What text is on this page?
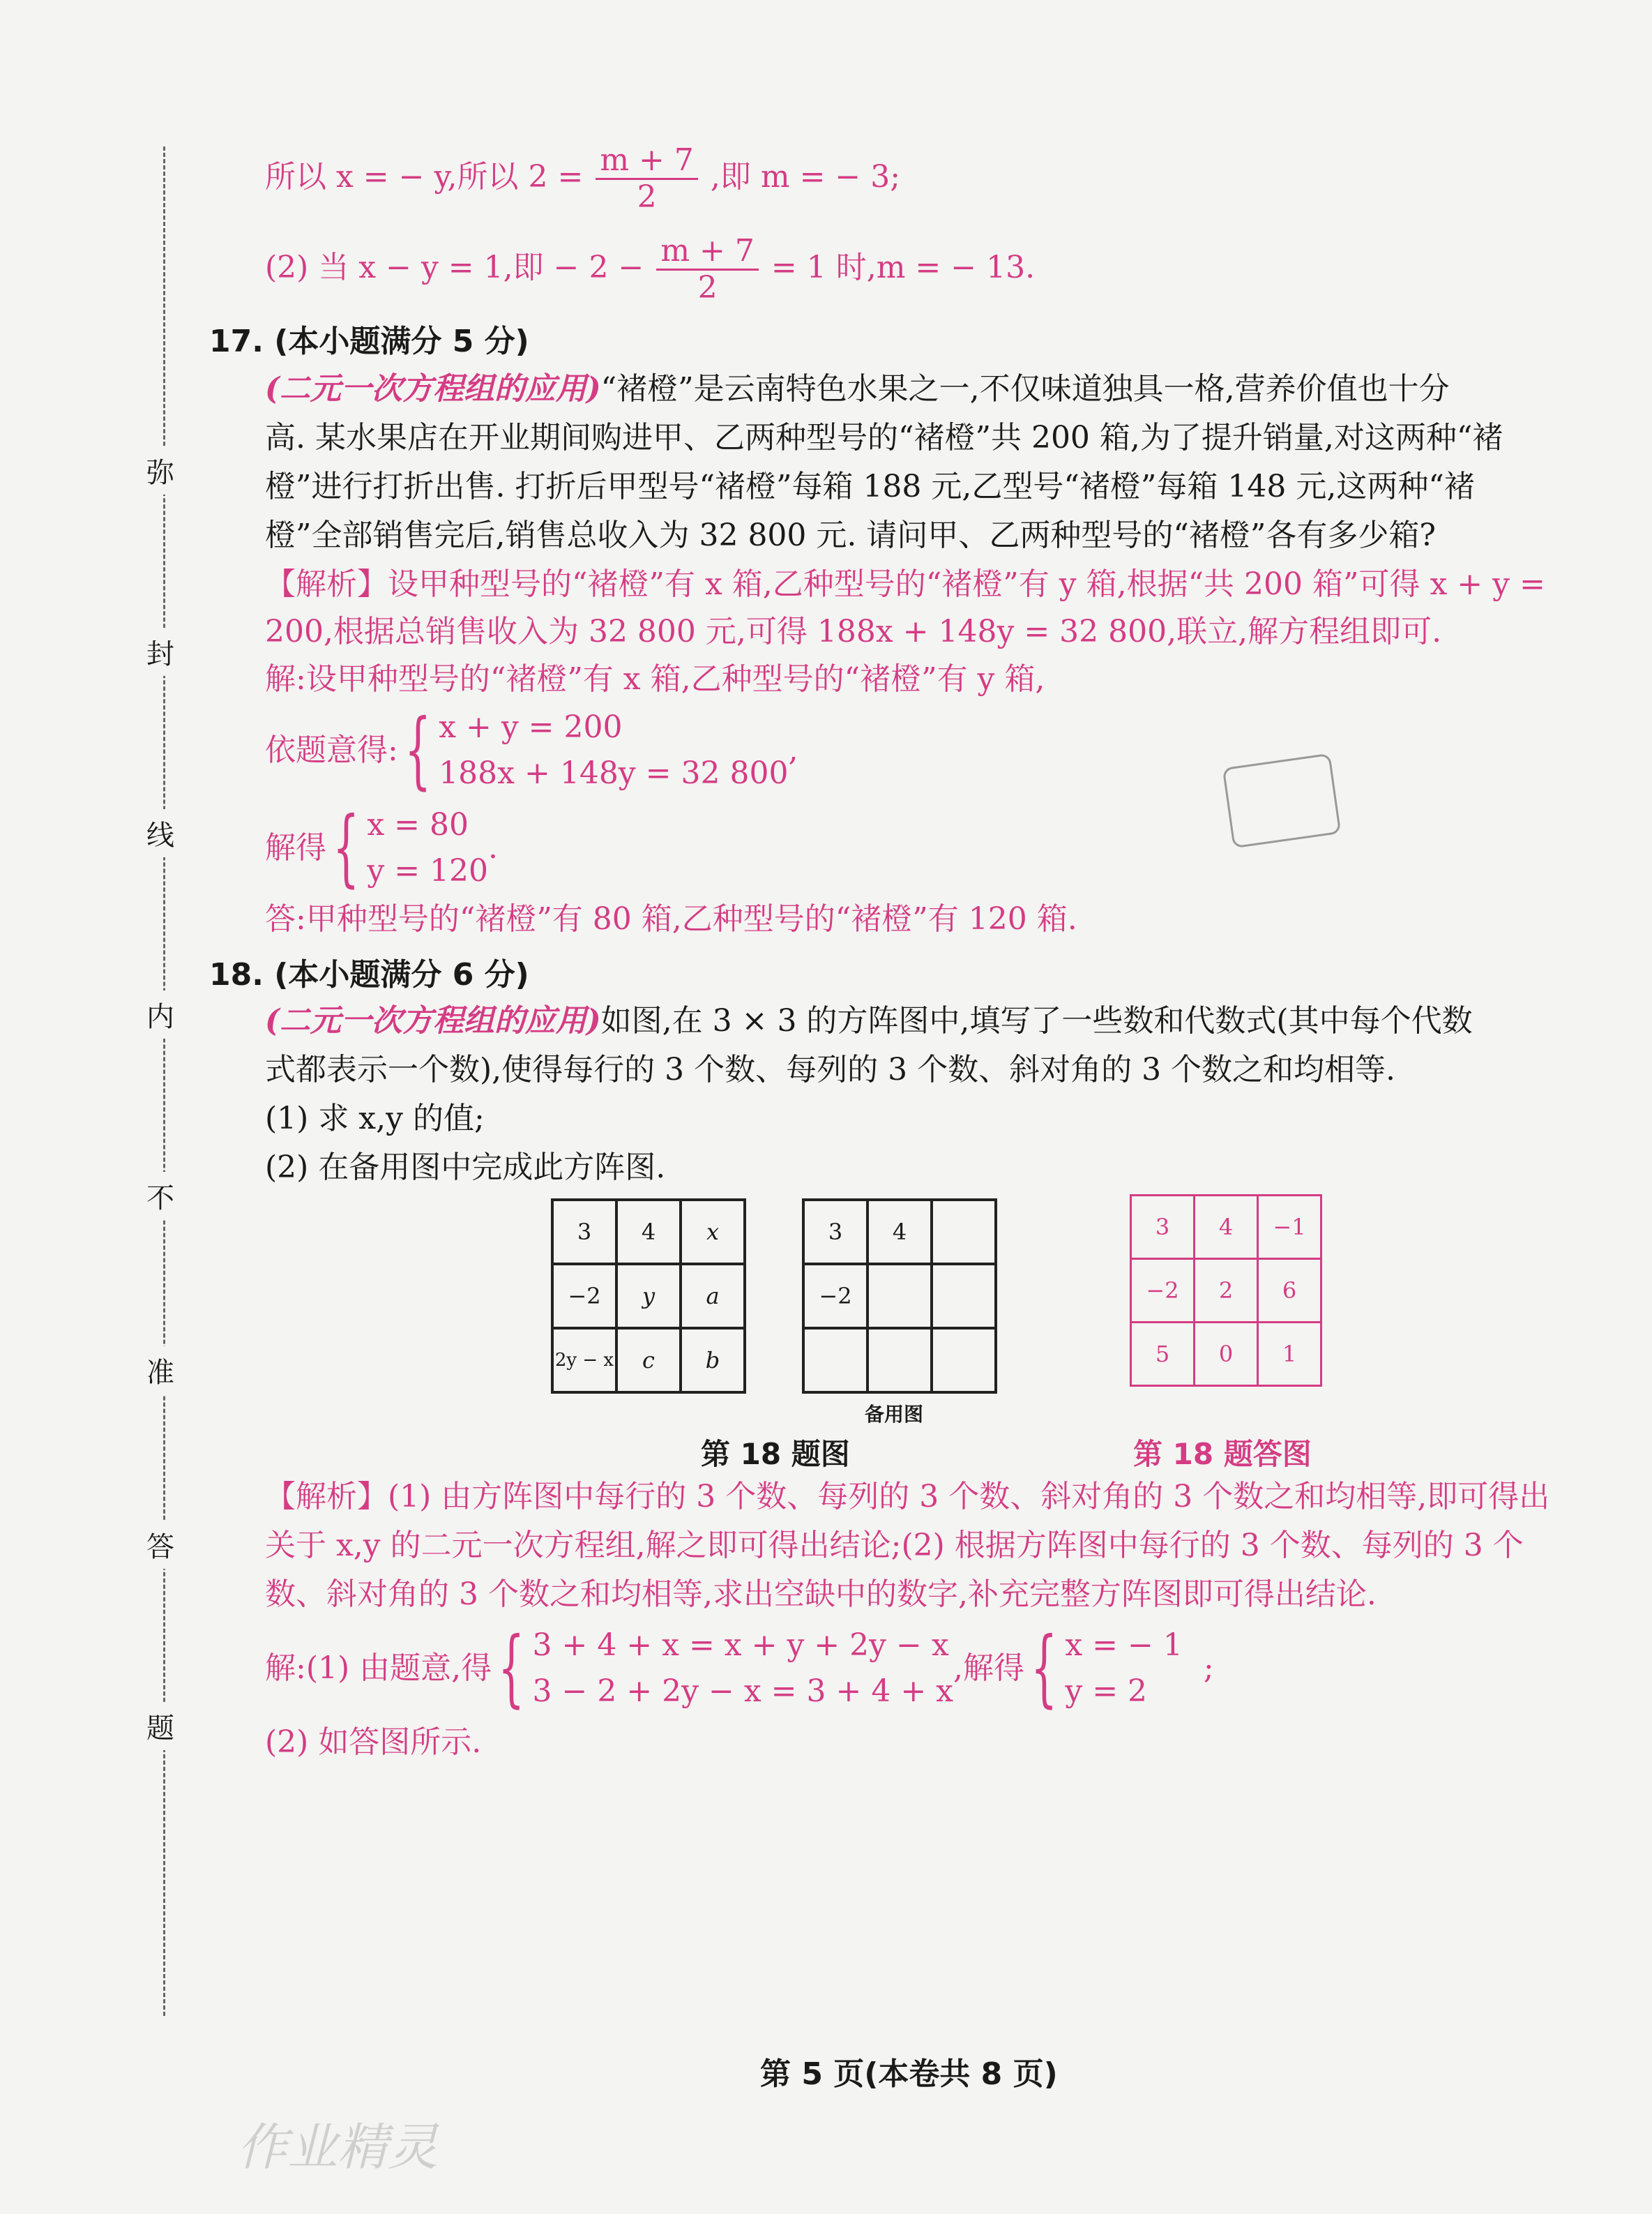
弥
封
线
内
不
准
答
题
所以 x = − y,所以 $2 = \frac{m + 7}{2}$ ,即 m = − 3;
(2) 当 x − y = 1,即 − $2 - \frac{m + 7}{2} = 1$ 时,m = − 13.
17. (本小题满分 5 分)
(二元一次方程组的应用)“褚橙”是云南特色水果之一,不仅味道独具一格,营养价值也十分
高. 某水果店在开业期间购进甲、乙两种型号的“褚橙”共 200 箱,为了提升销量,对这两种“褚
橙”进行打折出售. 打折后甲型号“褚橙”每箱 188 元,乙型号“褚橙”每箱 148 元,这两种“褚
橙”全部销售完后,销售总收入为 32 800 元. 请问甲、乙两种型号的“褚橙”各有多少箱?
【解析】设甲种型号的“褚橙”有 x 箱,乙种型号的“褚橙”有 y 箱,根据“共 200 箱”可得 x + y =
200,根据总销售收入为 32 800 元,可得 188x + 148y = 32 800,联立,解方程组即可.
解:设甲种型号的“褚橙”有 x 箱,乙种型号的“褚橙”有 y 箱,
依题意得: { x + y = 200
188x + 148y = 32 800
,
解得 { x = 80
y = 120
.
答:甲种型号的“褚橙”有 80 箱,乙种型号的“褚橙”有 120 箱.
18. (本小题满分 6 分)
(二元一次方程组的应用)如图,在 3 × 3 的方阵图中,填写了一些数和代数式(其中每个代数
式都表示一个数),使得每行的 3 个数、每列的 3 个数、斜对角的 3 个数之和均相等.
(1) 求 x,y 的值;
(2) 在备用图中完成此方阵图.
3	4	x
−2	y	a
2y − x	c	b
3	4	
−2		

3	4	−1
−2	2	6
5	0	1
备用图
第 18 题图	第 18 题答图
【解析】(1) 由方阵图中每行的 3 个数、每列的 3 个数、斜对角的 3 个数之和均相等,即可得出
关于 x,y 的二元一次方程组,解之即可得出结论;(2) 根据方阵图中每行的 3 个数、每列的 3 个
数、斜对角的 3 个数之和均相等,求出空缺中的数字,补充完整方阵图即可得出结论.
解:(1) 由题意,得 { 3 + 4 + x = x + y + 2y − x
3 − 2 + 2y − x = 3 + 4 + x
,解得 { x = − 1
y = 2
;
(2) 如答图所示.
第 5 页(本卷共 8 页)
作业精灵
